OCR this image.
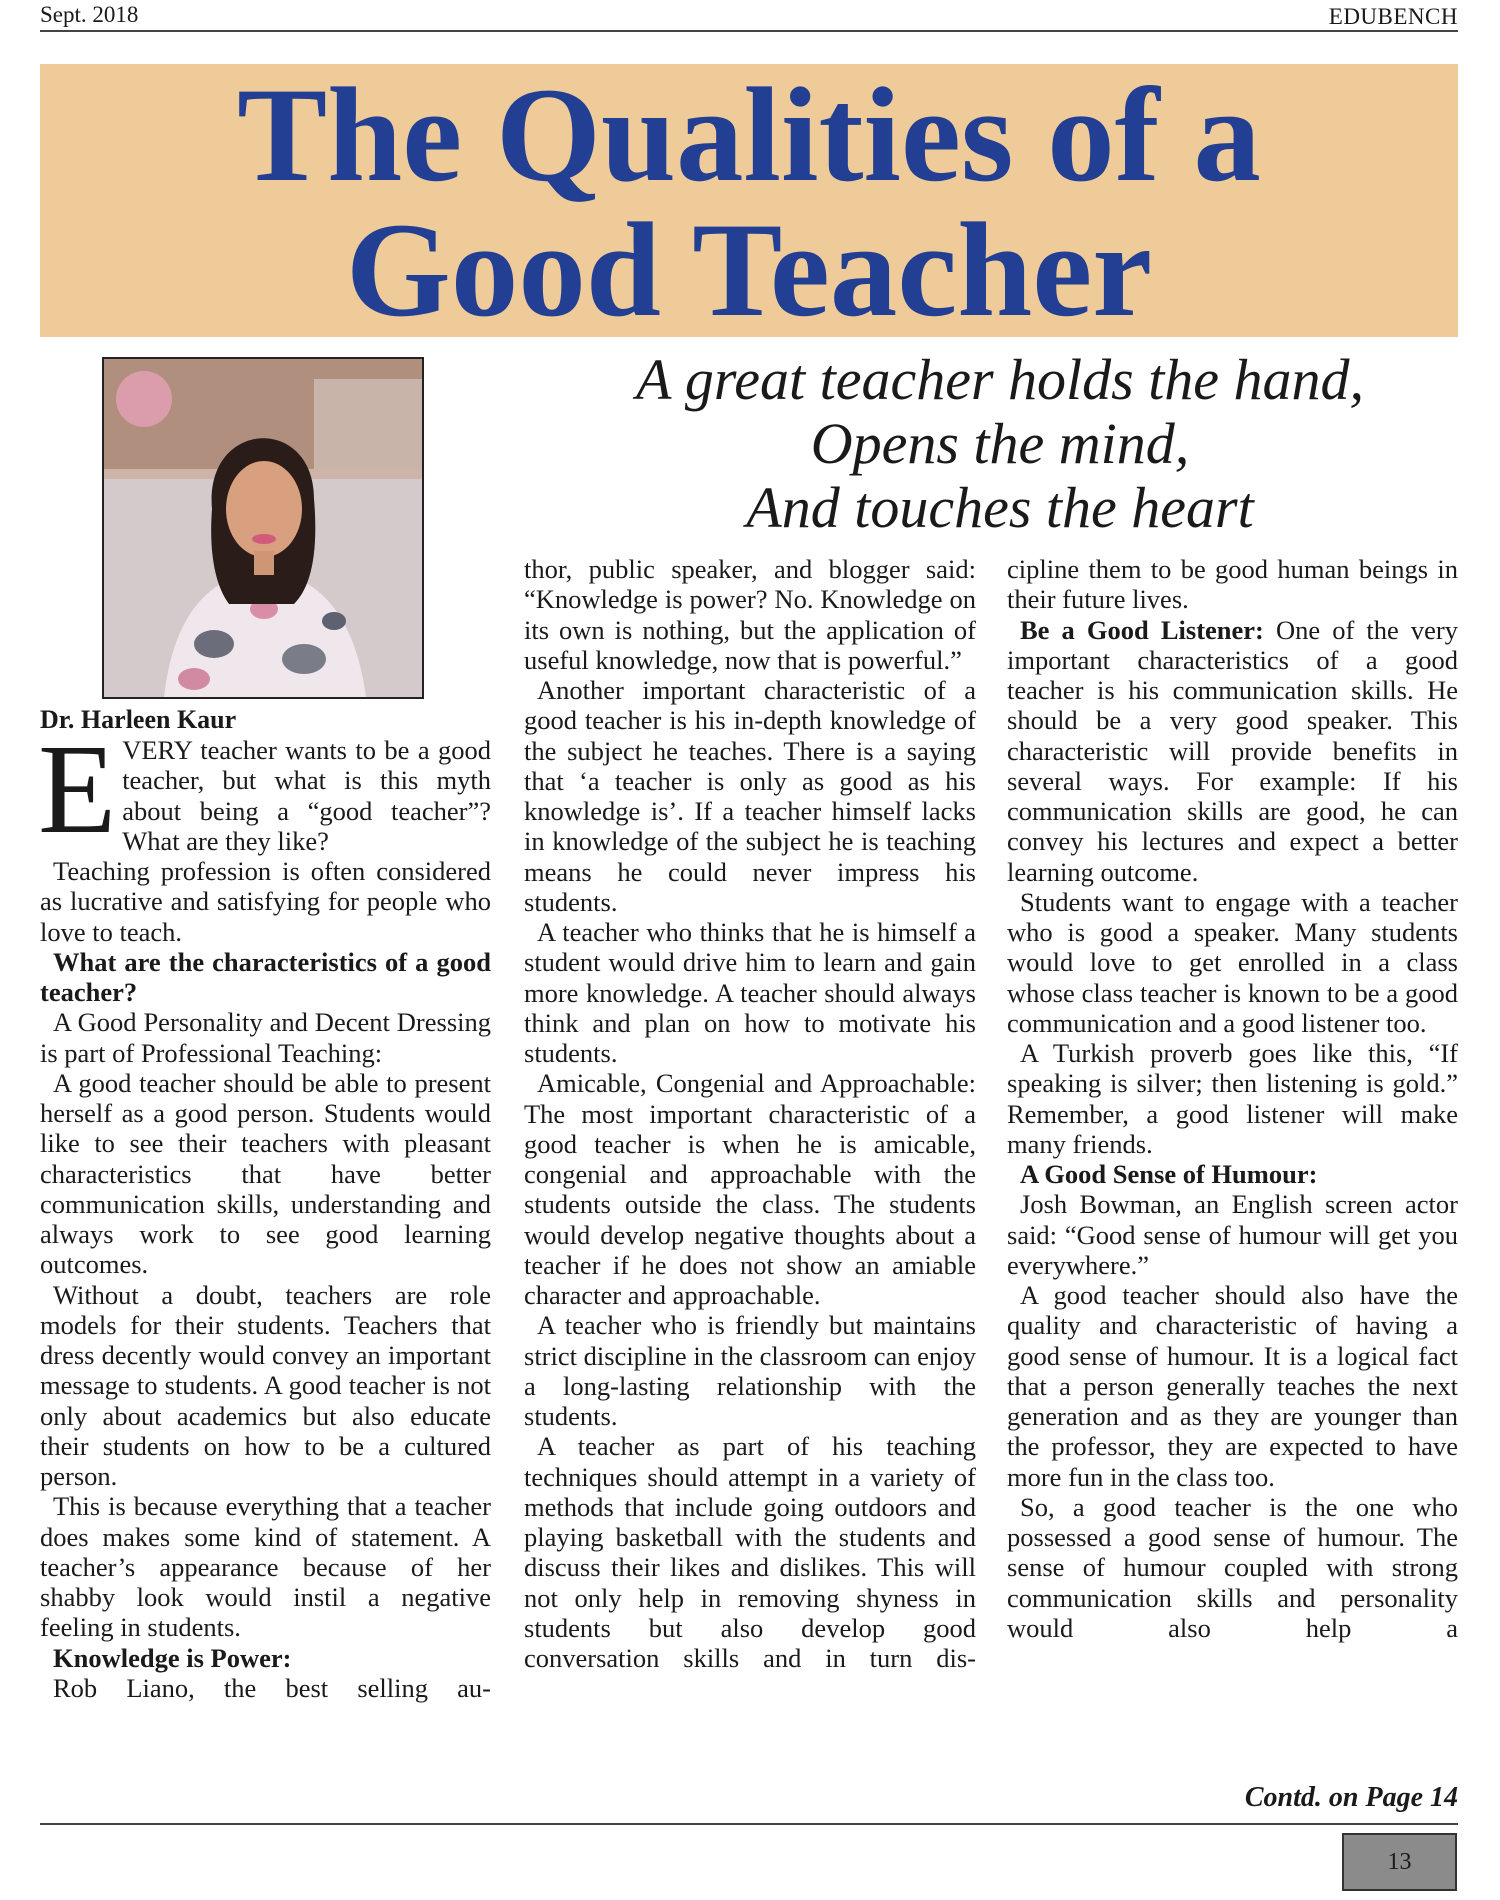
Sept. 2018	EDUBENCH
The Qualities of a
Good Teacher
A great teacher holds the hand,
Opens the mind,
And touches the heart
Dr. Harleen Kaur

EVERY teacher wants to be a good teacher, but what is this myth about being a “good teacher”? What are they like?

Teaching profession is often considered as lucrative and satisfying for people who love to teach.

What are the characteristics of a good teacher?

A Good Personality and Decent Dressing is part of Professional Teaching:

A good teacher should be able to present herself as a good person. Students would like to see their teachers with pleasant characteristics that have better communication skills, understanding and always work to see good learning outcomes.

Without a doubt, teachers are role models for their students. Teachers that dress decently would convey an important message to students. A good teacher is not only about academics but also educate their students on how to be a cultured person.

This is because everything that a teacher does makes some kind of statement. A teacher’s appearance because of her shabby look would instil a negative feeling in students.

Knowledge is Power:

Rob Liano, the best selling au-

thor, public speaker, and blogger said: “Knowledge is power? No. Knowledge on its own is nothing, but the application of useful knowledge, now that is powerful.”

Another important characteristic of a good teacher is his in-depth knowledge of the subject he teaches. There is a saying that ‘a teacher is only as good as his knowledge is’. If a teacher himself lacks in knowledge of the subject he is teaching means he could never impress his students.

A teacher who thinks that he is himself a student would drive him to learn and gain more knowledge. A teacher should always think and plan on how to motivate his students.

Amicable, Congenial and Approachable: The most important characteristic of a good teacher is when he is amicable, congenial and approachable with the students outside the class. The students would develop negative thoughts about a teacher if he does not show an amiable character and approachable.

A teacher who is friendly but maintains strict discipline in the classroom can enjoy a long-lasting relationship with the students.

A teacher as part of his teaching techniques should attempt in a variety of methods that include going outdoors and playing basketball with the students and discuss their likes and dislikes. This will not only help in removing shyness in students but also develop good conversation skills and in turn dis-

cipline them to be good human beings in their future lives.

Be a Good Listener: One of the very important characteristics of a good teacher is his communication skills. He should be a very good speaker. This characteristic will provide benefits in several ways. For example: If his communication skills are good, he can convey his lectures and expect a better learning outcome.

Students want to engage with a teacher who is good a speaker. Many students would love to get enrolled in a class whose class teacher is known to be a good communication and a good listener too.

A Turkish proverb goes like this, “If speaking is silver; then listening is gold.” Remember, a good listener will make many friends.

A Good Sense of Humour:

Josh Bowman, an English screen actor said: “Good sense of humour will get you everywhere.”

A good teacher should also have the quality and characteristic of having a good sense of humour. It is a logical fact that a person generally teaches the next generation and as they are younger than the professor, they are expected to have more fun in the class too.

So, a good teacher is the one who possessed a good sense of humour. The sense of humour coupled with strong communication skills and personality would also help a

Contd. on Page 14
13
